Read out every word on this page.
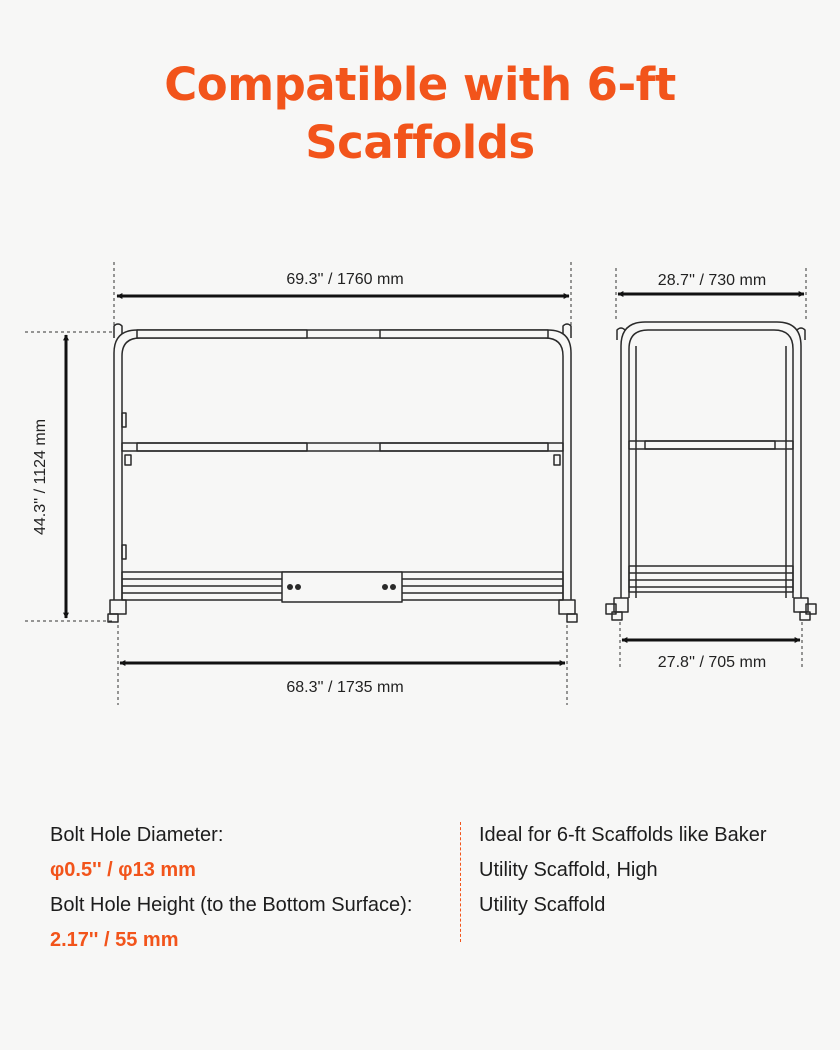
Compatible with 6-ft
Scaffolds
69.3'' / 1760 mm
68.3'' / 1735 mm
44.3'' / 1124 mm
28.7'' / 730 mm
27.8'' / 705 mm
Bolt Hole Diameter:
φ0.5'' / φ13 mm
Bolt Hole Height (to the Bottom Surface):
2.17'' / 55 mm
Ideal for 6-ft Scaffolds like Baker
Utility Scaffold, High
Utility Scaffold
